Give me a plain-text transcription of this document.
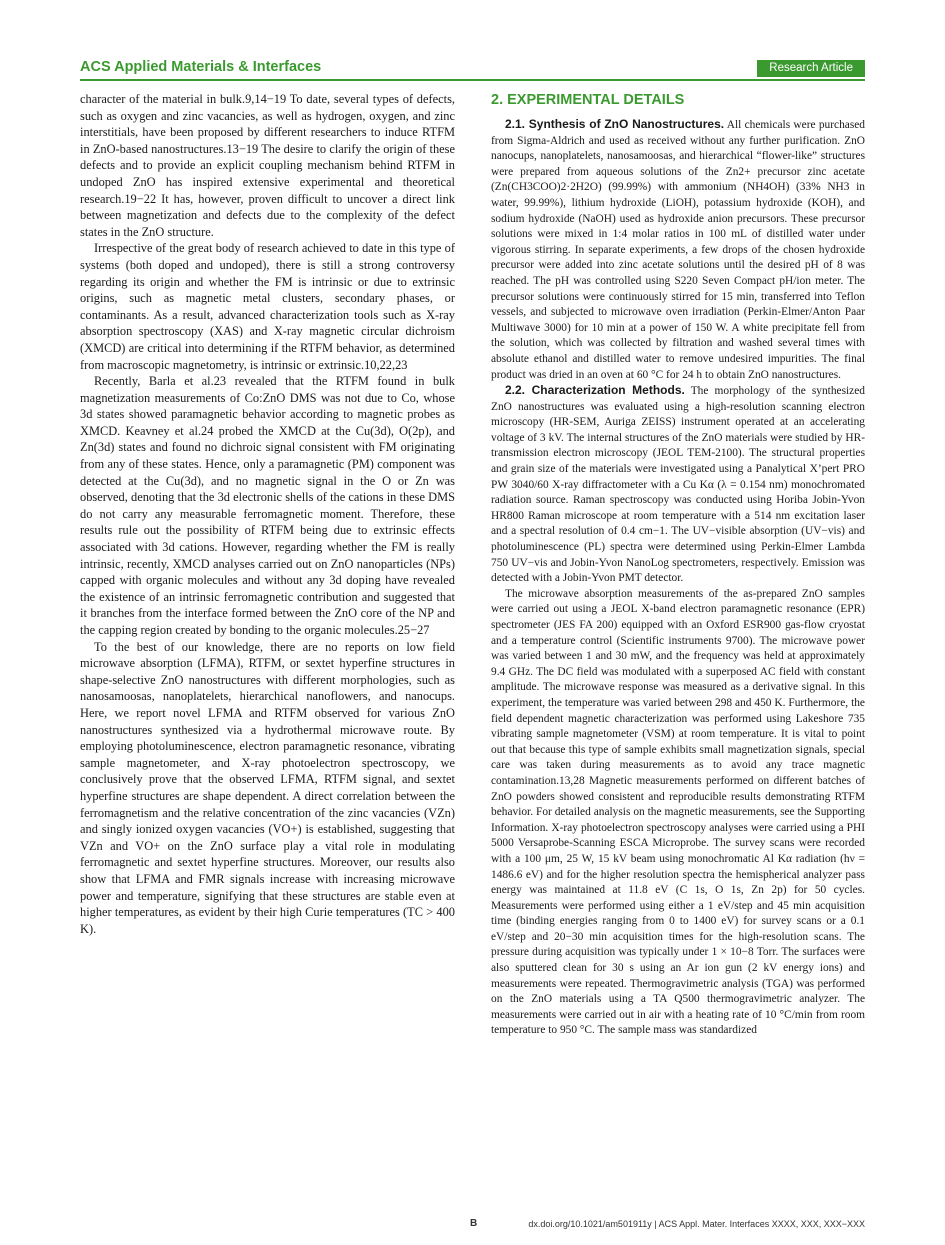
ACS Applied Materials & Interfaces	Research Article

character of the material in bulk.9,14−19 To date, several types of defects, such as oxygen and zinc vacancies, as well as hydrogen, oxygen, and zinc interstitials, have been proposed by different researchers to induce RTFM in ZnO-based nanostructures.13−19 The desire to clarify the origin of these defects and to provide an explicit coupling mechanism behind RTFM in undoped ZnO has inspired extensive experimental and theoretical research.19−22 It has, however, proven difficult to uncover a direct link between magnetization and defects due to the complexity of the defect states in the ZnO structure.

Irrespective of the great body of research achieved to date in this type of systems (both doped and undoped), there is still a strong controversy regarding its origin and whether the FM is intrinsic or due to extrinsic origins, such as magnetic metal clusters, secondary phases, or contaminants. As a result, advanced characterization tools such as X-ray absorption spectroscopy (XAS) and X-ray magnetic circular dichroism (XMCD) are critical into determining if the RTFM behavior, as determined from macroscopic magnetometry, is intrinsic or extrinsic.10,22,23

Recently, Barla et al.23 revealed that the RTFM found in bulk magnetization measurements of Co:ZnO DMS was not due to Co, whose 3d states showed paramagnetic behavior according to magnetic probes as XMCD. Keavney et al.24 probed the XMCD at the Cu(3d), O(2p), and Zn(3d) states and found no dichroic signal consistent with FM originating from any of these states. Hence, only a paramagnetic (PM) component was detected at the Cu(3d), and no magnetic signal in the O or Zn was observed, denoting that the 3d electronic shells of the cations in these DMS do not carry any measurable ferromagnetic moment. Therefore, these results rule out the possibility of RTFM being due to extrinsic effects associated with 3d cations. However, regarding whether the FM is really intrinsic, recently, XMCD analyses carried out on ZnO nanoparticles (NPs) capped with organic molecules and without any 3d doping have revealed the existence of an intrinsic ferromagnetic contribution and suggested that it branches from the interface formed between the ZnO core of the NP and the capping region created by bonding to the organic molecules.25−27

To the best of our knowledge, there are no reports on low field microwave absorption (LFMA), RTFM, or sextet hyperfine structures in shape-selective ZnO nanostructures with different morphologies, such as nanosamoosas, nanoplatelets, hierarchical nanoflowers, and nanocups. Here, we report novel LFMA and RTFM observed for various ZnO nanostructures synthesized via a hydrothermal microwave route. By employing photoluminescence, electron paramagnetic resonance, vibrating sample magnetometer, and X-ray photoelectron spectroscopy, we conclusively prove that the observed LFMA, RTFM signal, and sextet hyperfine structures are shape dependent. A direct correlation between the ferromagnetism and the relative concentration of the zinc vacancies (VZn) and singly ionized oxygen vacancies (VO+) is established, suggesting that VZn and VO+ on the ZnO surface play a vital role in modulating ferromagnetic and sextet hyperfine structures. Moreover, our results also show that LFMA and FMR signals increase with increasing microwave power and temperature, signifying that these structures are stable even at higher temperatures, as evident by their high Curie temperatures (TC > 400 K).

2. EXPERIMENTAL DETAILS

2.1. Synthesis of ZnO Nanostructures. All chemicals were purchased from Sigma-Aldrich and used as received without any further purification. ZnO nanocups, nanoplatelets, nanosamoosas, and hierarchical “flower-like” structures were prepared from aqueous solutions of the Zn2+ precursor zinc acetate (Zn(CH3COO)2·2H2O) (99.99%) with ammonium (NH4OH) (33% NH3 in water, 99.99%), lithium hydroxide (LiOH), potassium hydroxide (KOH), and sodium hydroxide (NaOH) used as hydroxide anion precursors. These precursor solutions were mixed in 1:4 molar ratios in 100 mL of distilled water under vigorous stirring. In separate experiments, a few drops of the chosen hydroxide precursor were added into zinc acetate solutions until the desired pH of 8 was reached. The pH was controlled using S220 Seven Compact pH/ion meter. The precursor solutions were continuously stirred for 15 min, transferred into Teflon vessels, and subjected to microwave oven irradiation (Perkin-Elmer/Anton Paar Multiwave 3000) for 10 min at a power of 150 W. A white precipitate fell from the solution, which was collected by filtration and washed several times with absolute ethanol and distilled water to remove undesired impurities. The final product was dried in an oven at 60 °C for 24 h to obtain ZnO nanostructures.

2.2. Characterization Methods. The morphology of the synthesized ZnO nanostructures was evaluated using a high-resolution scanning electron microscopy (HR-SEM, Auriga ZEISS) instrument operated at an accelerating voltage of 3 kV. The internal structures of the ZnO materials were studied by HR-transmission electron microscopy (JEOL TEM-2100). The structural properties and grain size of the materials were investigated using a Panalytical X’pert PRO PW 3040/60 X-ray diffractometer with a Cu Kα (λ = 0.154 nm) monochromated radiation source. Raman spectroscopy was conducted using Horiba Jobin-Yvon HR800 Raman microscope at room temperature with a 514 nm excitation laser and a spectral resolution of 0.4 cm−1. The UV−visible absorption (UV−vis) and photoluminescence (PL) spectra were determined using Perkin-Elmer Lambda 750 UV−vis and Jobin-Yvon NanoLog spectrometers, respectively. Emission was detected with a Jobin-Yvon PMT detector.

The microwave absorption measurements of the as-prepared ZnO samples were carried out using a JEOL X-band electron paramagnetic resonance (EPR) spectrometer (JES FA 200) equipped with an Oxford ESR900 gas-flow cryostat and a temperature control (Scientific instruments 9700). The microwave power was varied between 1 and 30 mW, and the frequency was held at approximately 9.4 GHz. The DC field was modulated with a superposed AC field with constant amplitude. The microwave response was measured as a derivative signal. In this experiment, the temperature was varied between 298 and 450 K. Furthermore, the field dependent magnetic characterization was performed using Lakeshore 735 vibrating sample magnetometer (VSM) at room temperature. It is vital to point out that because this type of sample exhibits small magnetization signals, special care was taken during measurements as to avoid any trace magnetic contamination.13,28 Magnetic measurements performed on different batches of ZnO powders showed consistent and reproducible results demonstrating RTFM behavior. For detailed analysis on the magnetic measurements, see the Supporting Information. X-ray photoelectron spectroscopy analyses were carried using a PHI 5000 Versaprobe-Scanning ESCA Microprobe. The survey scans were recorded with a 100 μm, 25 W, 15 kV beam using monochromatic Al Kα radiation (hν = 1486.6 eV) and for the higher resolution spectra the hemispherical analyzer pass energy was maintained at 11.8 eV (C 1s, O 1s, Zn 2p) for 50 cycles. Measurements were performed using either a 1 eV/step and 45 min acquisition time (binding energies ranging from 0 to 1400 eV) for survey scans or a 0.1 eV/step and 20−30 min acquisition times for the high-resolution scans. The pressure during acquisition was typically under 1 × 10−8 Torr. The surfaces were also sputtered clean for 30 s using an Ar ion gun (2 kV energy ions) and measurements were repeated. Thermogravimetric analysis (TGA) was performed on the ZnO materials using a TA Q500 thermogravimetric analyzer. The measurements were carried out in air with a heating rate of 10 °C/min from room temperature to 950 °C. The sample mass was standardized

B	dx.doi.org/10.1021/am501911y | ACS Appl. Mater. Interfaces XXXX, XXX, XXX−XXX
